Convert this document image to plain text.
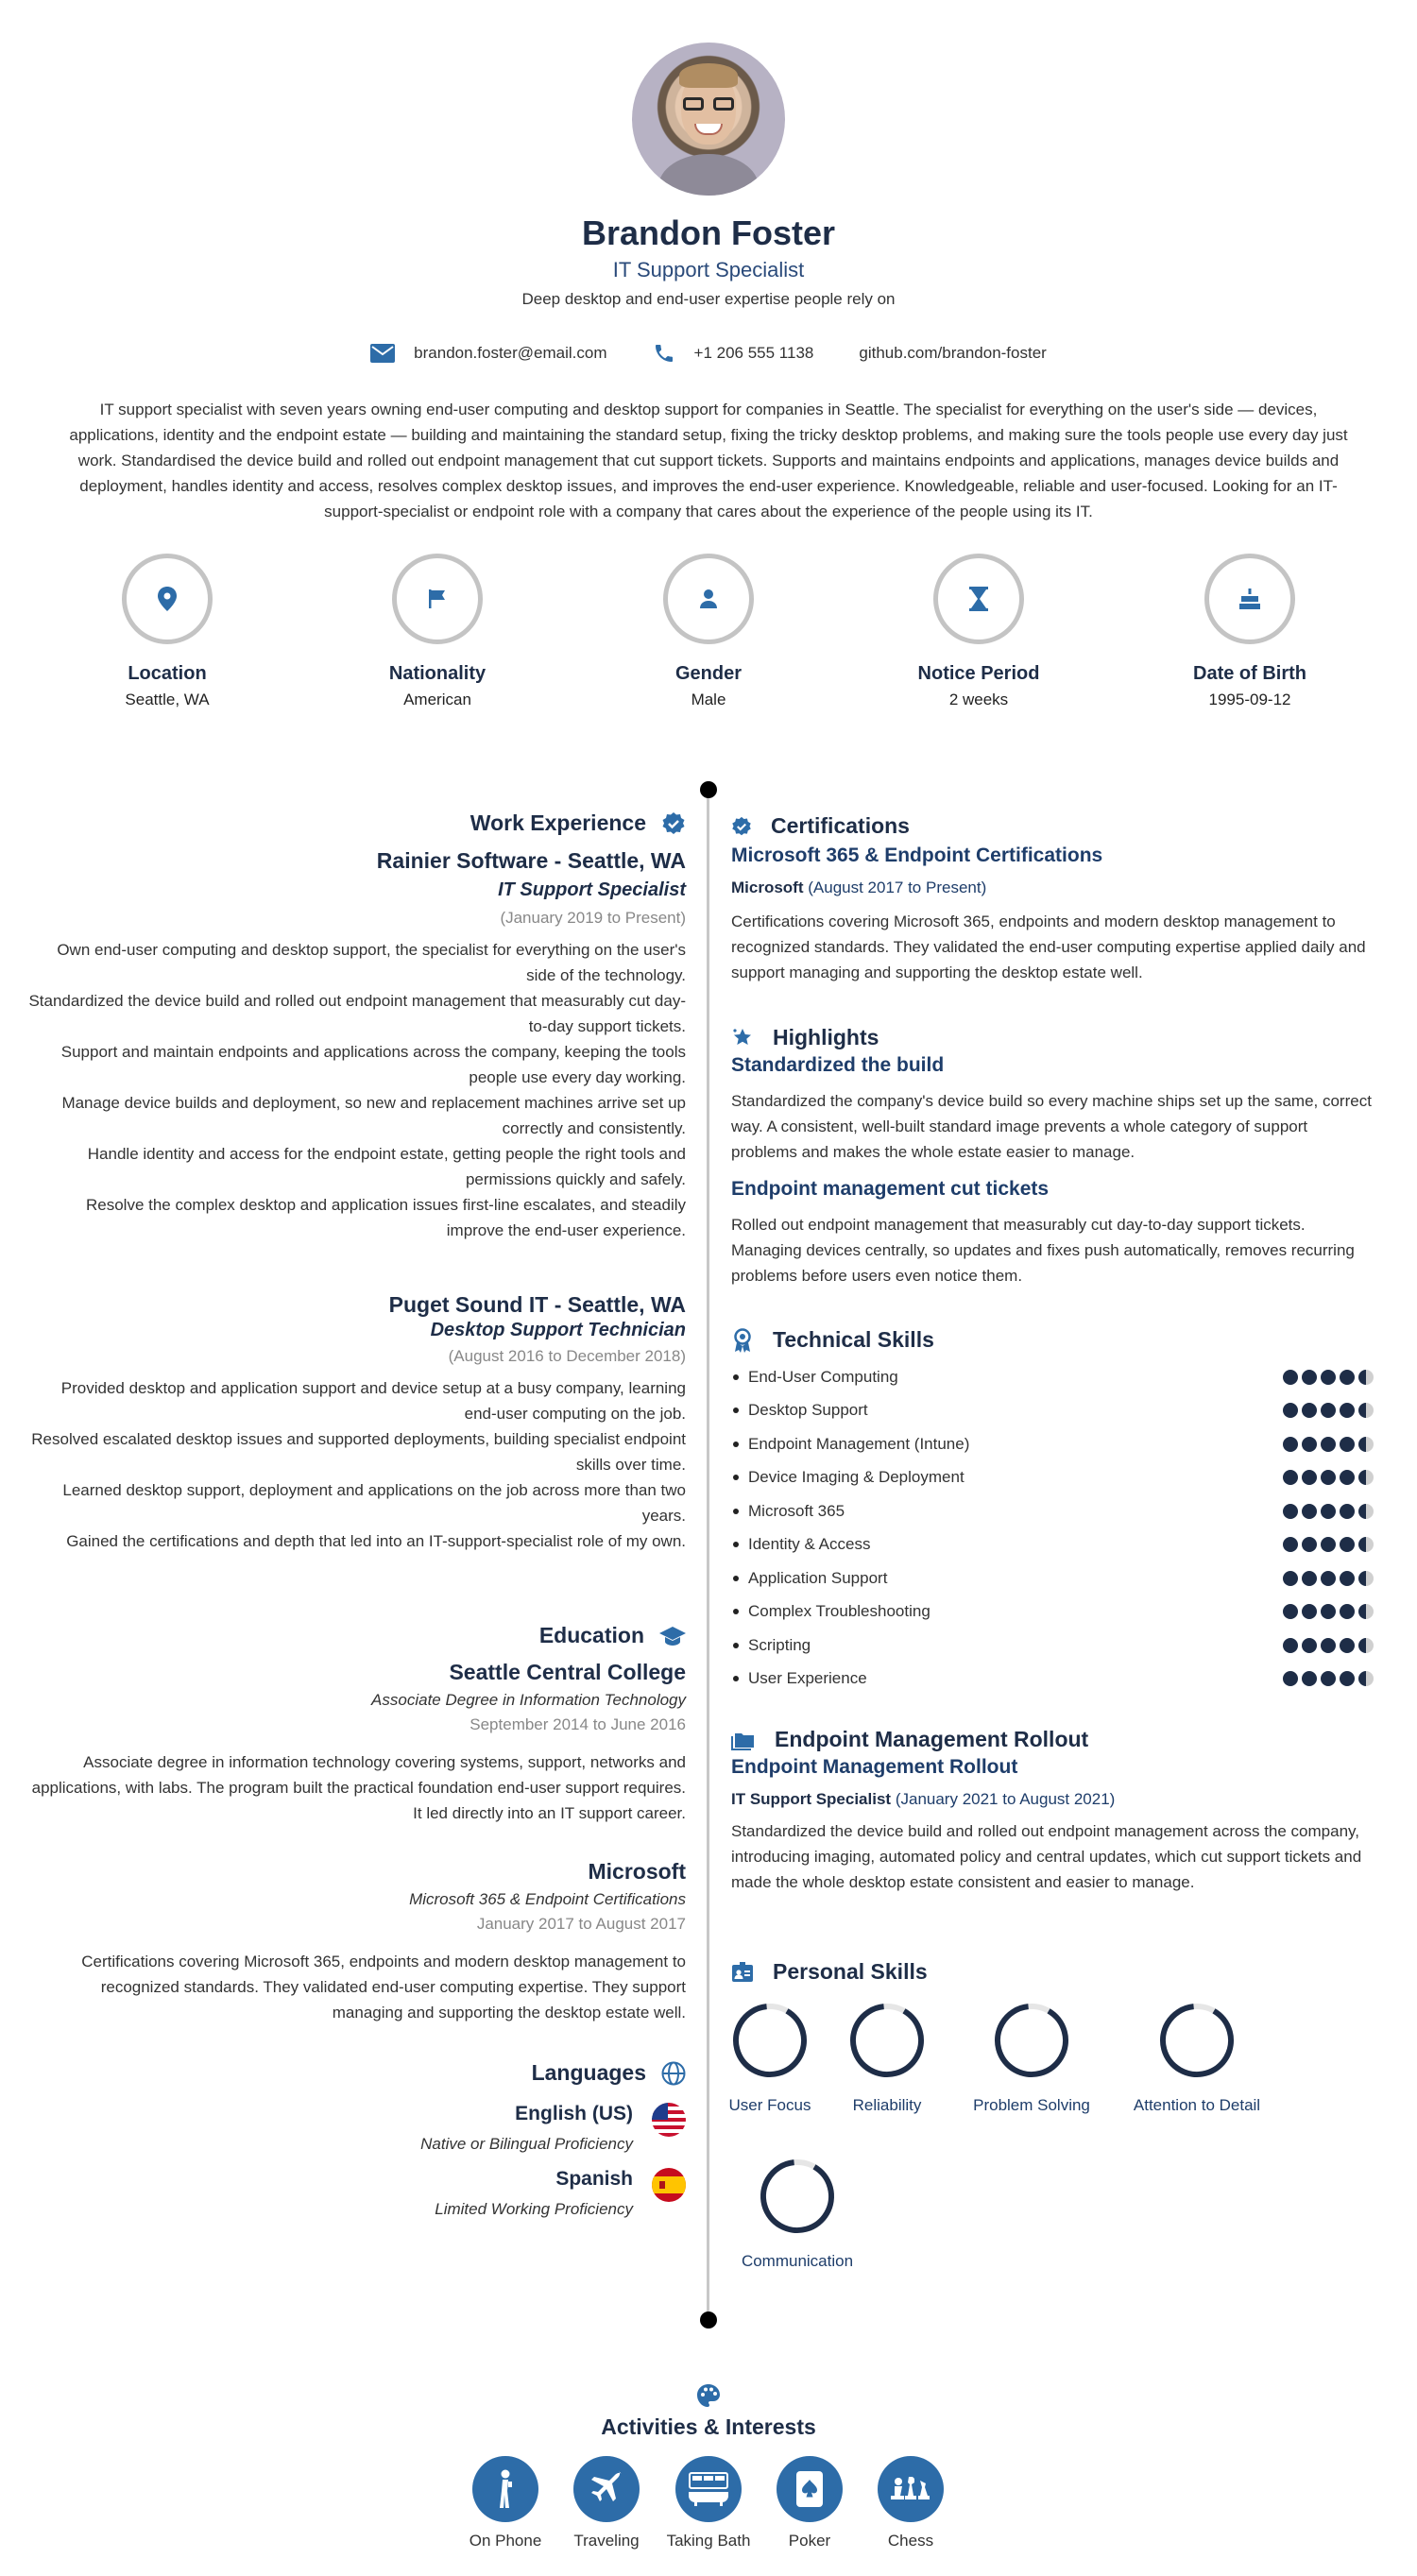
Brandon Foster
IT Support Specialist
Deep desktop and end-user expertise people rely on
brandon.foster@email.com	+1 206 555 1138	github.com/brandon-foster
IT support specialist with seven years owning end-user computing and desktop support for companies in Seattle. The specialist for everything on the user's side — devices, applications, identity and the endpoint estate — building and maintaining the standard setup, fixing the tricky desktop problems, and making sure the tools people use every day just work. Standardised the device build and rolled out endpoint management that cut support tickets. Supports and maintains endpoints and applications, manages device builds and deployment, handles identity and access, resolves complex desktop issues, and improves the end-user experience. Knowledgeable, reliable and user-focused. Looking for an IT-support-specialist or endpoint role with a company that cares about the experience of the people using its IT.
Location
Seattle, WA
Nationality
American
Gender
Male
Notice Period
2 weeks
Date of Birth
1995-09-12
Work Experience
Rainier Software - Seattle, WA
IT Support Specialist
(January 2019 to Present)
Own end-user computing and desktop support, the specialist for everything on the user's side of the technology.
Standardized the device build and rolled out endpoint management that measurably cut day-to-day support tickets.
Support and maintain endpoints and applications across the company, keeping the tools people use every day working.
Manage device builds and deployment, so new and replacement machines arrive set up correctly and consistently.
Handle identity and access for the endpoint estate, getting people the right tools and permissions quickly and safely.
Resolve the complex desktop and application issues first-line escalates, and steadily improve the end-user experience.
Puget Sound IT - Seattle, WA
Desktop Support Technician
(August 2016 to December 2018)
Provided desktop and application support and device setup at a busy company, learning end-user computing on the job.
Resolved escalated desktop issues and supported deployments, building specialist endpoint skills over time.
Learned desktop support, deployment and applications on the job across more than two years.
Gained the certifications and depth that led into an IT-support-specialist role of my own.
Education
Seattle Central College
Associate Degree in Information Technology
September 2014 to June 2016
Associate degree in information technology covering systems, support, networks and applications, with labs. The program built the practical foundation end-user support requires. It led directly into an IT support career.
Microsoft
Microsoft 365 & Endpoint Certifications
January 2017 to August 2017
Certifications covering Microsoft 365, endpoints and modern desktop management to recognized standards. They validated end-user computing expertise. They support managing and supporting the desktop estate well.
Languages
English (US)
Native or Bilingual Proficiency
Spanish
Limited Working Proficiency
Certifications
Microsoft 365 & Endpoint Certifications
Microsoft (August 2017 to Present)
Certifications covering Microsoft 365, endpoints and modern desktop management to recognized standards. They validated the end-user computing expertise applied daily and support managing and supporting the desktop estate well.
Highlights
Standardized the build
Standardized the company's device build so every machine ships set up the same, correct way. A consistent, well-built standard image prevents a whole category of support problems and makes the whole estate easier to manage.
Endpoint management cut tickets
Rolled out endpoint management that measurably cut day-to-day support tickets. Managing devices centrally, so updates and fixes push automatically, removes recurring problems before users even notice them.
Technical Skills
End-User Computing
Desktop Support
Endpoint Management (Intune)
Device Imaging & Deployment
Microsoft 365
Identity & Access
Application Support
Complex Troubleshooting
Scripting
User Experience
Endpoint Management Rollout
Endpoint Management Rollout
IT Support Specialist (January 2021 to August 2021)
Standardized the device build and rolled out endpoint management across the company, introducing imaging, automated policy and central updates, which cut support tickets and made the whole desktop estate consistent and easier to manage.
Personal Skills
User Focus	Reliability	Problem Solving	Attention to Detail
Communication
Activities & Interests
On Phone	Traveling	Taking Bath	Poker	Chess
